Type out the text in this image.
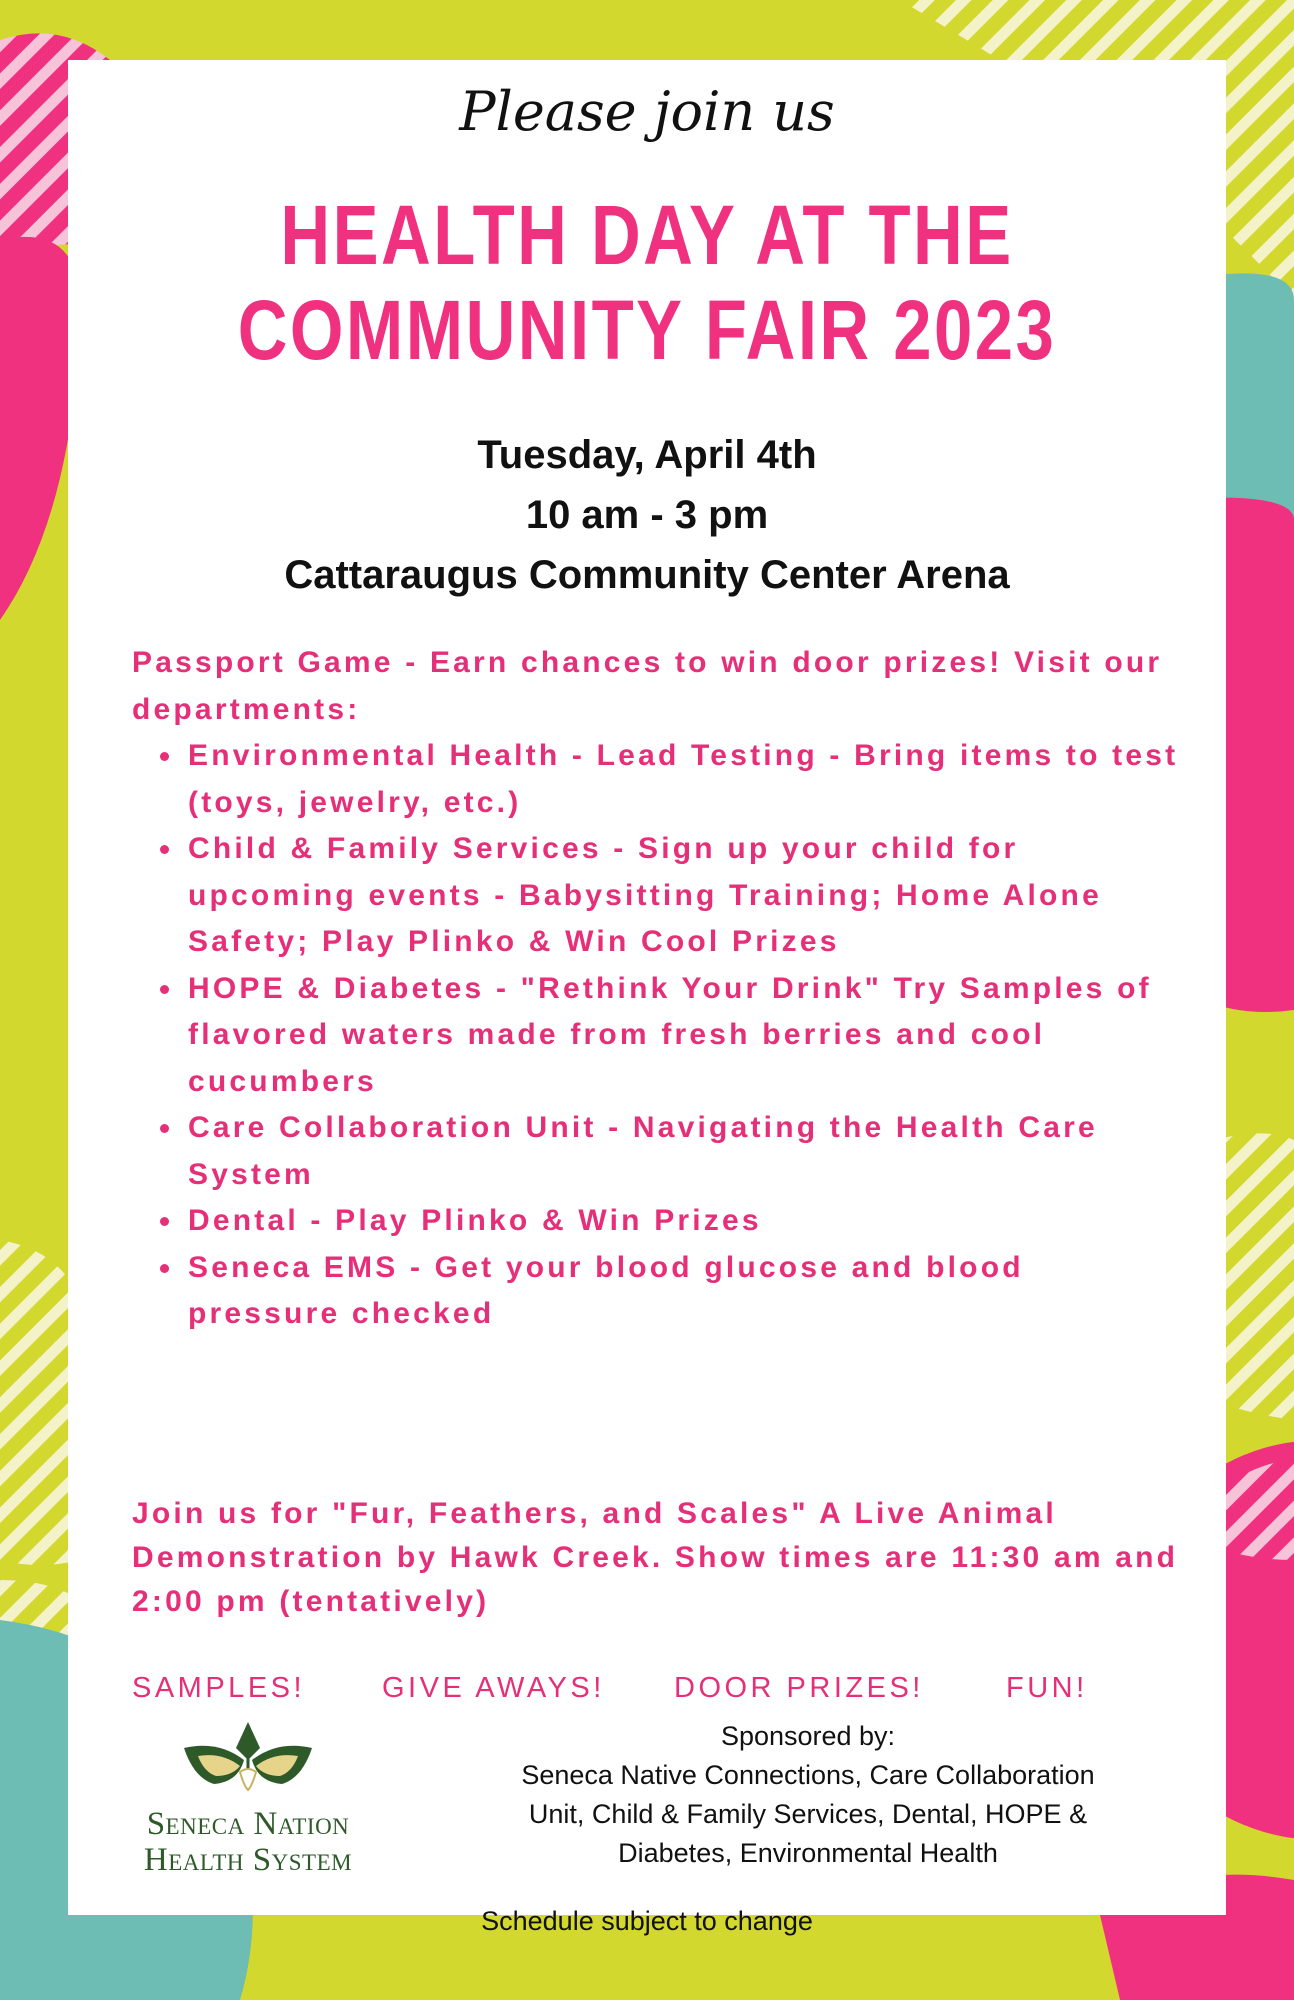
Please join us
HEALTH DAY AT THE
COMMUNITY FAIR 2023
Tuesday, April 4th
10 am - 3 pm
Cattaraugus Community Center Arena

Passport Game - Earn chances to win door prizes! Visit our departments:

• Environmental Health - Lead Testing - Bring items to test (toys, jewelry, etc.)
• Child & Family Services - Sign up your child for upcoming events - Babysitting Training; Home Alone Safety; Play Plinko & Win Cool Prizes
• HOPE & Diabetes - "Rethink Your Drink" Try Samples of flavored waters made from fresh berries and cool cucumbers
• Care Collaboration Unit - Navigating the Health Care System
• Dental - Play Plinko & Win Prizes
• Seneca EMS - Get your blood glucose and blood pressure checked

Join us for "Fur, Feathers, and Scales" A Live Animal Demonstration by Hawk Creek. Show times are 11:30 am and 2:00 pm (tentatively)

SAMPLES!	GIVE AWAYS! DOOR PRIZES!	FUN!
Seneca Nation
Health System
Sponsored by:
Seneca Native Connections, Care Collaboration
Unit, Child & Family Services, Dental, HOPE &
Diabetes, Environmental Health
Schedule subject to change
